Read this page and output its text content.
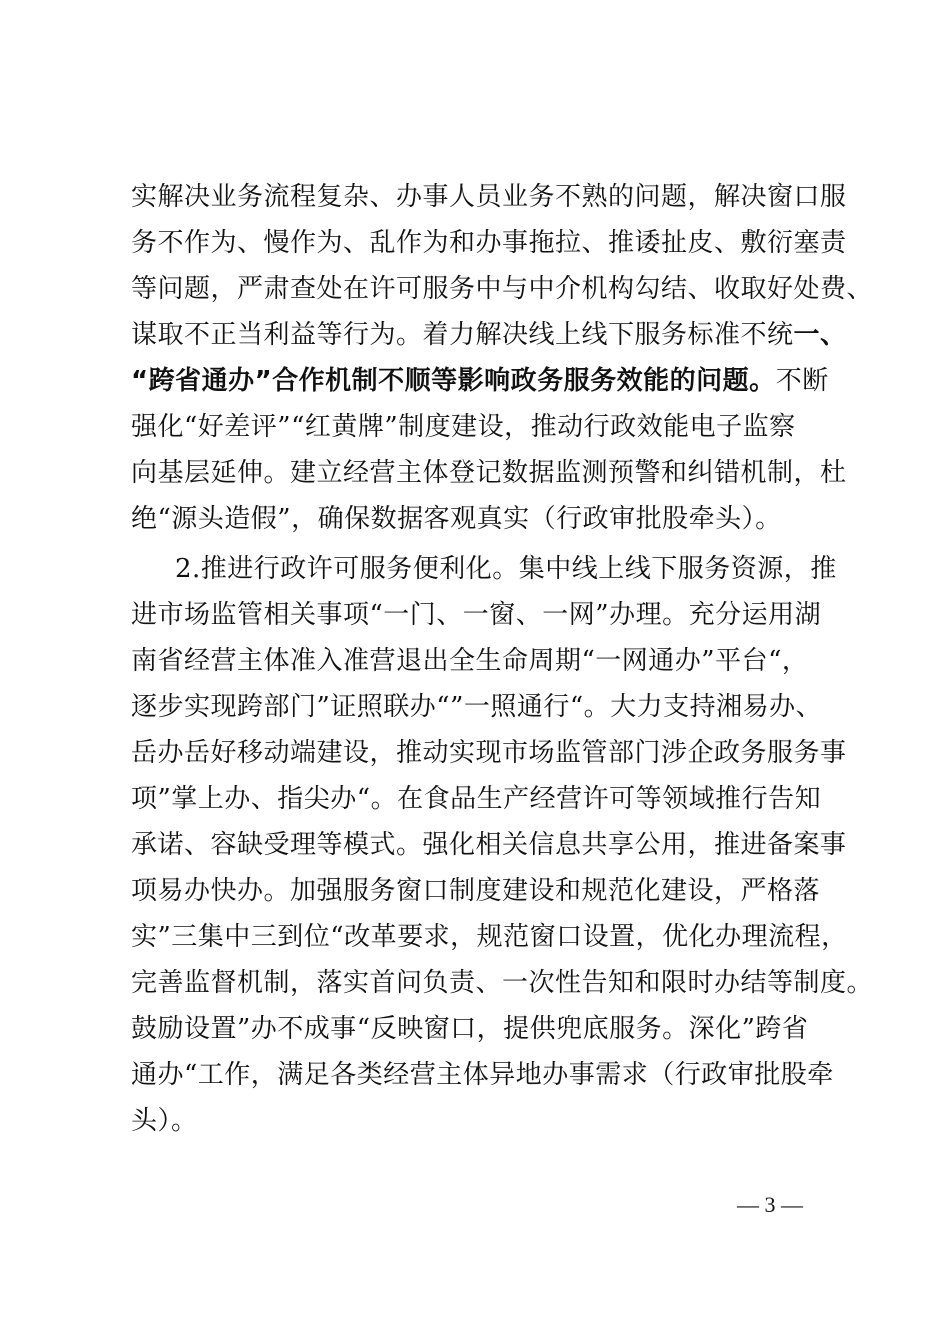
实解决业务流程复杂、办事人员业务不熟的问题，解决窗口服
务不作为、慢作为、乱作为和办事拖拉、推诿扯皮、敷衍塞责
等问题，严肃查处在许可服务中与中介机构勾结、收取好处费、
谋取不正当利益等行为。着力解决线上线下服务标准不统一、
“跨省通办”合作机制不顺等影响政务服务效能的问题。不断
强化“好差评”“红黄牌”制度建设，推动行政效能电子监察
向基层延伸。建立经营主体登记数据监测预警和纠错机制，杜
绝“源头造假”，确保数据客观真实（行政审批股牵头）。
2.推进行政许可服务便利化。集中线上线下服务资源，推
进市场监管相关事项“一门、一窗、一网”办理。充分运用湖
南省经营主体准入准营退出全生命周期“一网通办”平台“，
逐步实现跨部门”证照联办“”一照通行“。大力支持湘易办、
岳办岳好移动端建设，推动实现市场监管部门涉企政务服务事
项”掌上办、指尖办“。在食品生产经营许可等领域推行告知
承诺、容缺受理等模式。强化相关信息共享公用，推进备案事
项易办快办。加强服务窗口制度建设和规范化建设，严格落
实”三集中三到位“改革要求，规范窗口设置，优化办理流程，
完善监督机制，落实首问负责、一次性告知和限时办结等制度。
鼓励设置”办不成事“反映窗口，提供兜底服务。深化”跨省
通办“工作，满足各类经营主体异地办事需求（行政审批股牵
头）。
— 3 —
